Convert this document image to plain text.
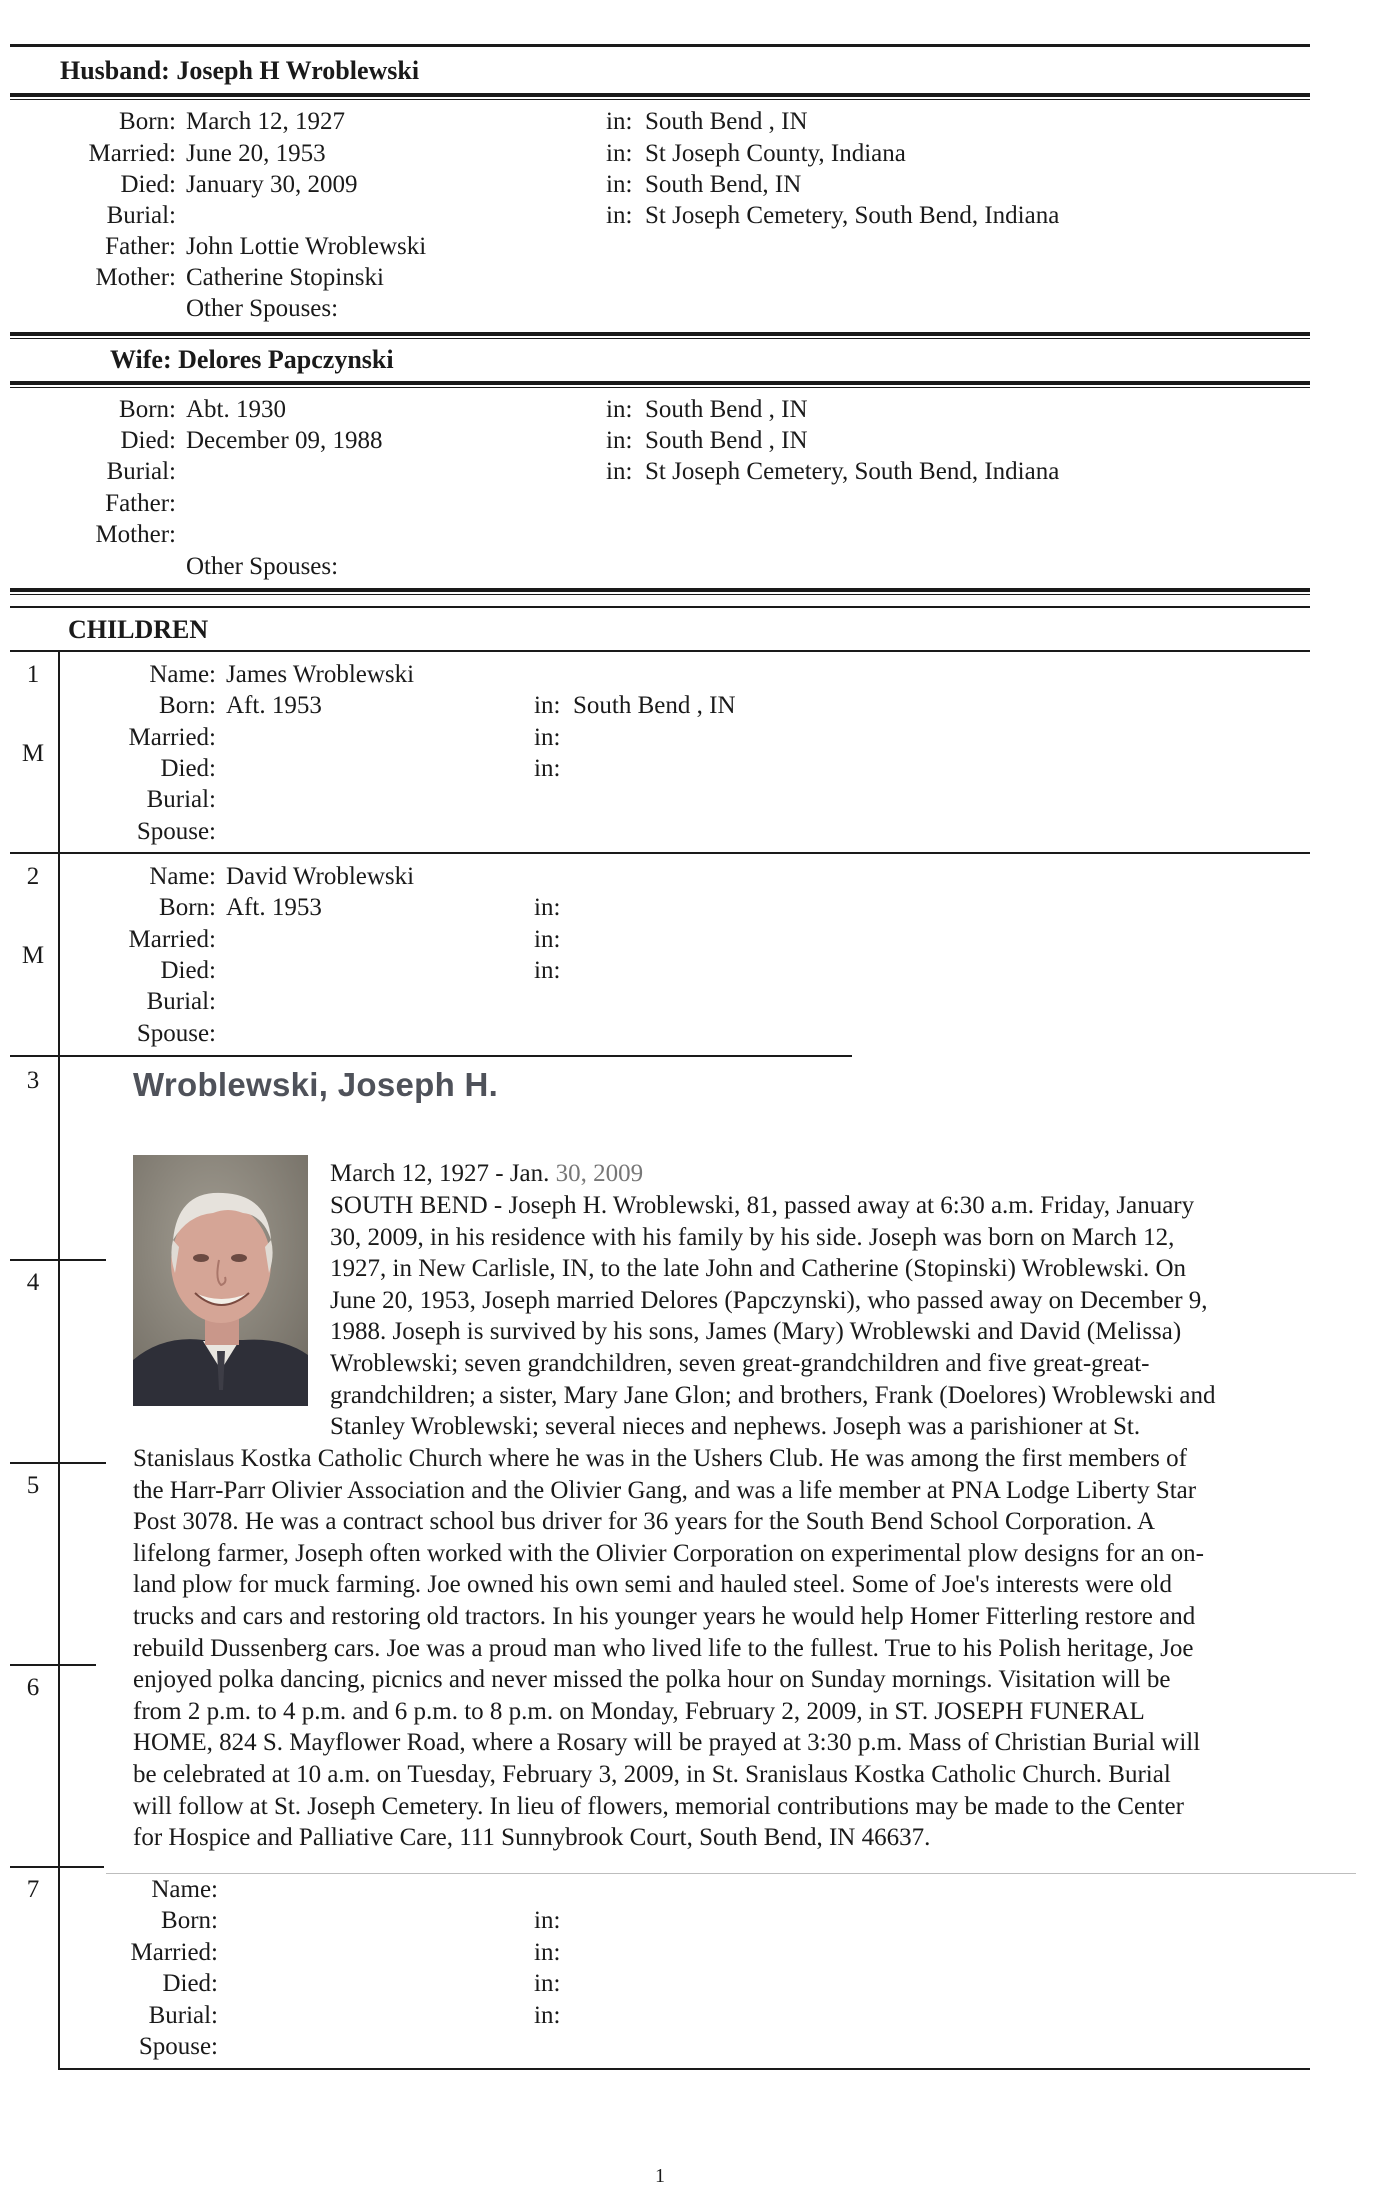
Husband: Joseph H Wroblewski
Born: March 12, 1927	in: South Bend , IN
Married: June 20, 1953	in: St Joseph County, Indiana
Died: January 30, 2009	in: South Bend, IN
Burial:	in: St Joseph Cemetery, South Bend, Indiana
Father: John Lottie Wroblewski
Mother: Catherine Stopinski
Other Spouses:
Wife: Delores Papczynski
Born: Abt. 1930	in: South Bend , IN
Died: December 09, 1988	in: South Bend , IN
Burial:	in: St Joseph Cemetery, South Bend, Indiana
Father:
Mother:
Other Spouses:
CHILDREN
1
M
Name: James Wroblewski
Born: Aft. 1953	in: South Bend , IN
Married:	in:
Died:	in:
Burial:
Spouse:
2
M
Name: David Wroblewski
Born: Aft. 1953	in:
Married:	in:
Died:	in:
Burial:
Spouse:
3
4
5
6
Wroblewski, Joseph H.
March 12, 1927 - Jan. 30, 2009
SOUTH BEND - Joseph H. Wroblewski, 81, passed away at 6:30 a.m. Friday, January
30, 2009, in his residence with his family by his side. Joseph was born on March 12,
1927, in New Carlisle, IN, to the late John and Catherine (Stopinski) Wroblewski. On
June 20, 1953, Joseph married Delores (Papczynski), who passed away on December 9,
1988. Joseph is survived by his sons, James (Mary) Wroblewski and David (Melissa)
Wroblewski; seven grandchildren, seven great-grandchildren and five great-great-
grandchildren; a sister, Mary Jane Glon; and brothers, Frank (Doelores) Wroblewski and
Stanley Wroblewski; several nieces and nephews. Joseph was a parishioner at St.
Stanislaus Kostka Catholic Church where he was in the Ushers Club. He was among the first members of
the Harr-Parr Olivier Association and the Olivier Gang, and was a life member at PNA Lodge Liberty Star
Post 3078. He was a contract school bus driver for 36 years for the South Bend School Corporation. A
lifelong farmer, Joseph often worked with the Olivier Corporation on experimental plow designs for an on-
land plow for muck farming. Joe owned his own semi and hauled steel. Some of Joe's interests were old
trucks and cars and restoring old tractors. In his younger years he would help Homer Fitterling restore and
rebuild Dussenberg cars. Joe was a proud man who lived life to the fullest. True to his Polish heritage, Joe
enjoyed polka dancing, picnics and never missed the polka hour on Sunday mornings. Visitation will be
from 2 p.m. to 4 p.m. and 6 p.m. to 8 p.m. on Monday, February 2, 2009, in ST. JOSEPH FUNERAL
HOME, 824 S. Mayflower Road, where a Rosary will be prayed at 3:30 p.m. Mass of Christian Burial will
be celebrated at 10 a.m. on Tuesday, February 3, 2009, in St. Sranislaus Kostka Catholic Church. Burial
will follow at St. Joseph Cemetery. In lieu of flowers, memorial contributions may be made to the Center
for Hospice and Palliative Care, 111 Sunnybrook Court, South Bend, IN 46637.
7	Name:
Born:	in:
Married:	in:
Died:	in:
Burial:	in:
Spouse:
1
